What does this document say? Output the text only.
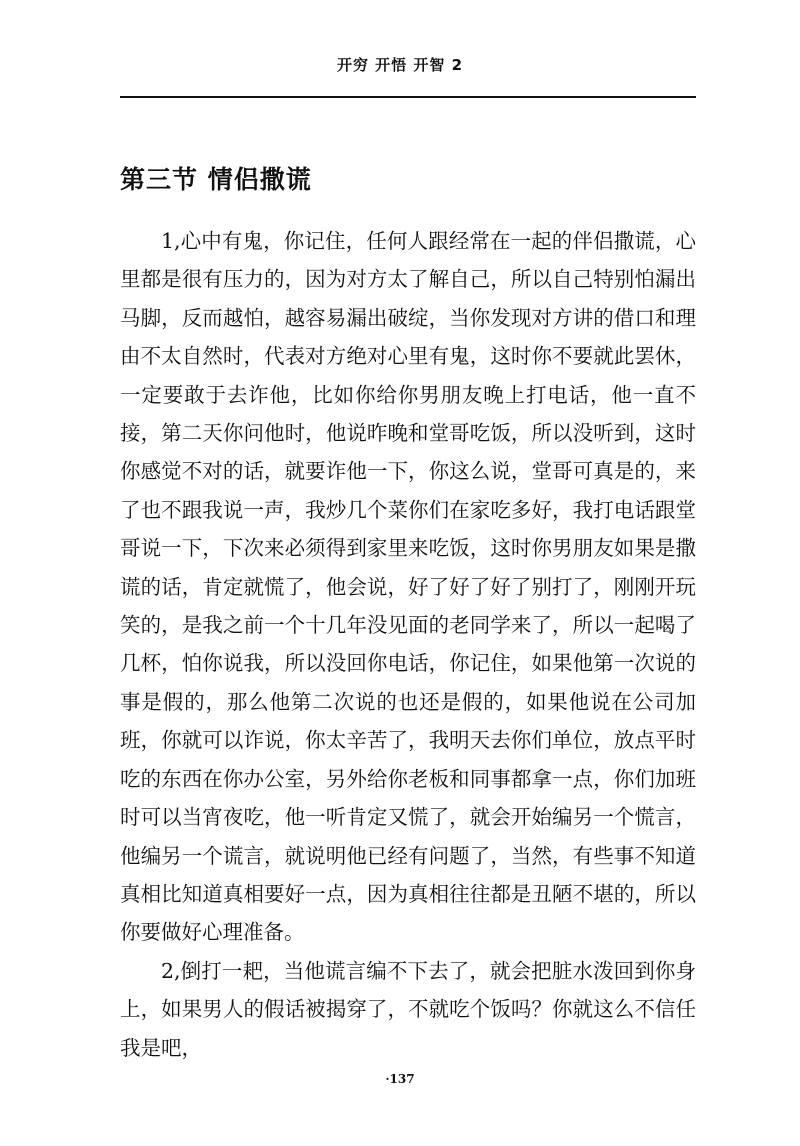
开穷 开悟 开智 2
第三节 情侣撒谎

1,心中有鬼，你记住，任何人跟经常在一起的伴侣撒谎，心里都是很有压力的，因为对方太了解自己，所以自己特别怕漏出马脚，反而越怕，越容易漏出破绽，当你发现对方讲的借口和理由不太自然时，代表对方绝对心里有鬼，这时你不要就此罢休，一定要敢于去诈他，比如你给你男朋友晚上打电话，他一直不接，第二天你问他时，他说昨晚和堂哥吃饭，所以没听到，这时你感觉不对的话，就要诈他一下，你这么说，堂哥可真是的，来了也不跟我说一声，我炒几个菜你们在家吃多好，我打电话跟堂哥说一下，下次来必须得到家里来吃饭，这时你男朋友如果是撒谎的话，肯定就慌了，他会说，好了好了好了别打了，刚刚开玩笑的，是我之前一个十几年没见面的老同学来了，所以一起喝了几杯，怕你说我，所以没回你电话，你记住，如果他第一次说的事是假的，那么他第二次说的也还是假的，如果他说在公司加班，你就可以诈说，你太辛苦了，我明天去你们单位，放点平时吃的东西在你办公室，另外给你老板和同事都拿一点，你们加班时可以当宵夜吃，他一听肯定又慌了，就会开始编另一个慌言，他编另一个谎言，就说明他已经有问题了，当然，有些事不知道真相比知道真相要好一点，因为真相往往都是丑陋不堪的，所以你要做好心理准备。

2,倒打一耙，当他谎言编不下去了，就会把脏水泼回到你身上，如果男人的假话被揭穿了，不就吃个饭吗？你就这么不信任我是吧，

·137
